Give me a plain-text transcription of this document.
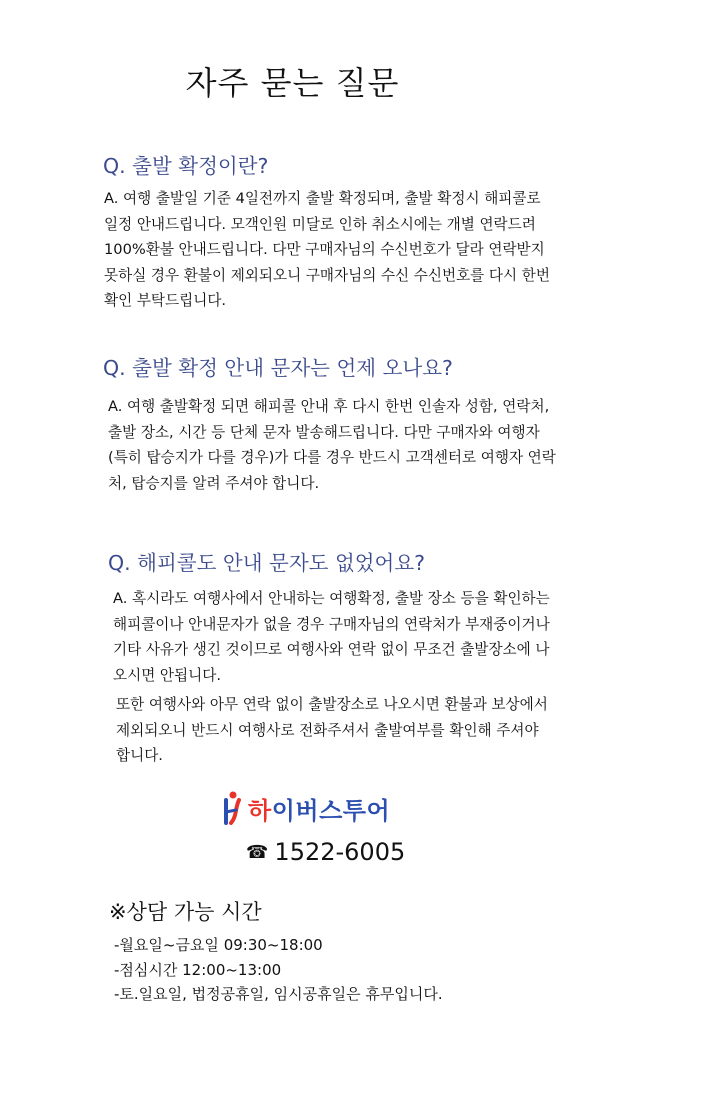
자주 묻는 질문
Q. 출발 확정이란?
A. 여행 출발일 기준 4일전까지 출발 확정되며, 출발 확정시 해피콜로
일정 안내드립니다. 모객인원 미달로 인하 취소시에는 개별 연락드려
100%환불 안내드립니다. 다만 구매자님의 수신번호가 달라 연락받지
못하실 경우 환불이 제외되오니 구매자님의 수신 수신번호를 다시 한번
확인 부탁드립니다.
Q. 출발 확정 안내 문자는 언제 오나요?
A. 여행 출발확정 되면 해피콜 안내 후 다시 한번 인솔자 성함, 연락처,
출발 장소, 시간 등 단체 문자 발송해드립니다. 다만 구매자와 여행자
(특히 탑승지가 다를 경우)가 다를 경우 반드시 고객센터로 여행자 연락
처, 탑승지를 알려 주셔야 합니다.
Q. 해피콜도 안내 문자도 없었어요?
A. 혹시라도 여행사에서 안내하는 여행확정, 출발 장소 등을 확인하는
해피콜이나 안내문자가 없을 경우 구매자님의 연락처가 부재중이거나
기타 사유가 생긴 것이므로 여행사와 연락 없이 무조건 출발장소에 나
오시면 안됩니다.
또한 여행사와 아무 연락 없이 출발장소로 나오시면 환불과 보상에서
제외되오니 반드시 여행사로 전화주셔서 출발여부를 확인해 주셔야
합니다.
하이버스투어
☎ 1522-6005
※상담 가능 시간
-월요일~금요일 09:30~18:00
-점심시간 12:00~13:00
-토.일요일, 법정공휴일, 임시공휴일은 휴무입니다.
